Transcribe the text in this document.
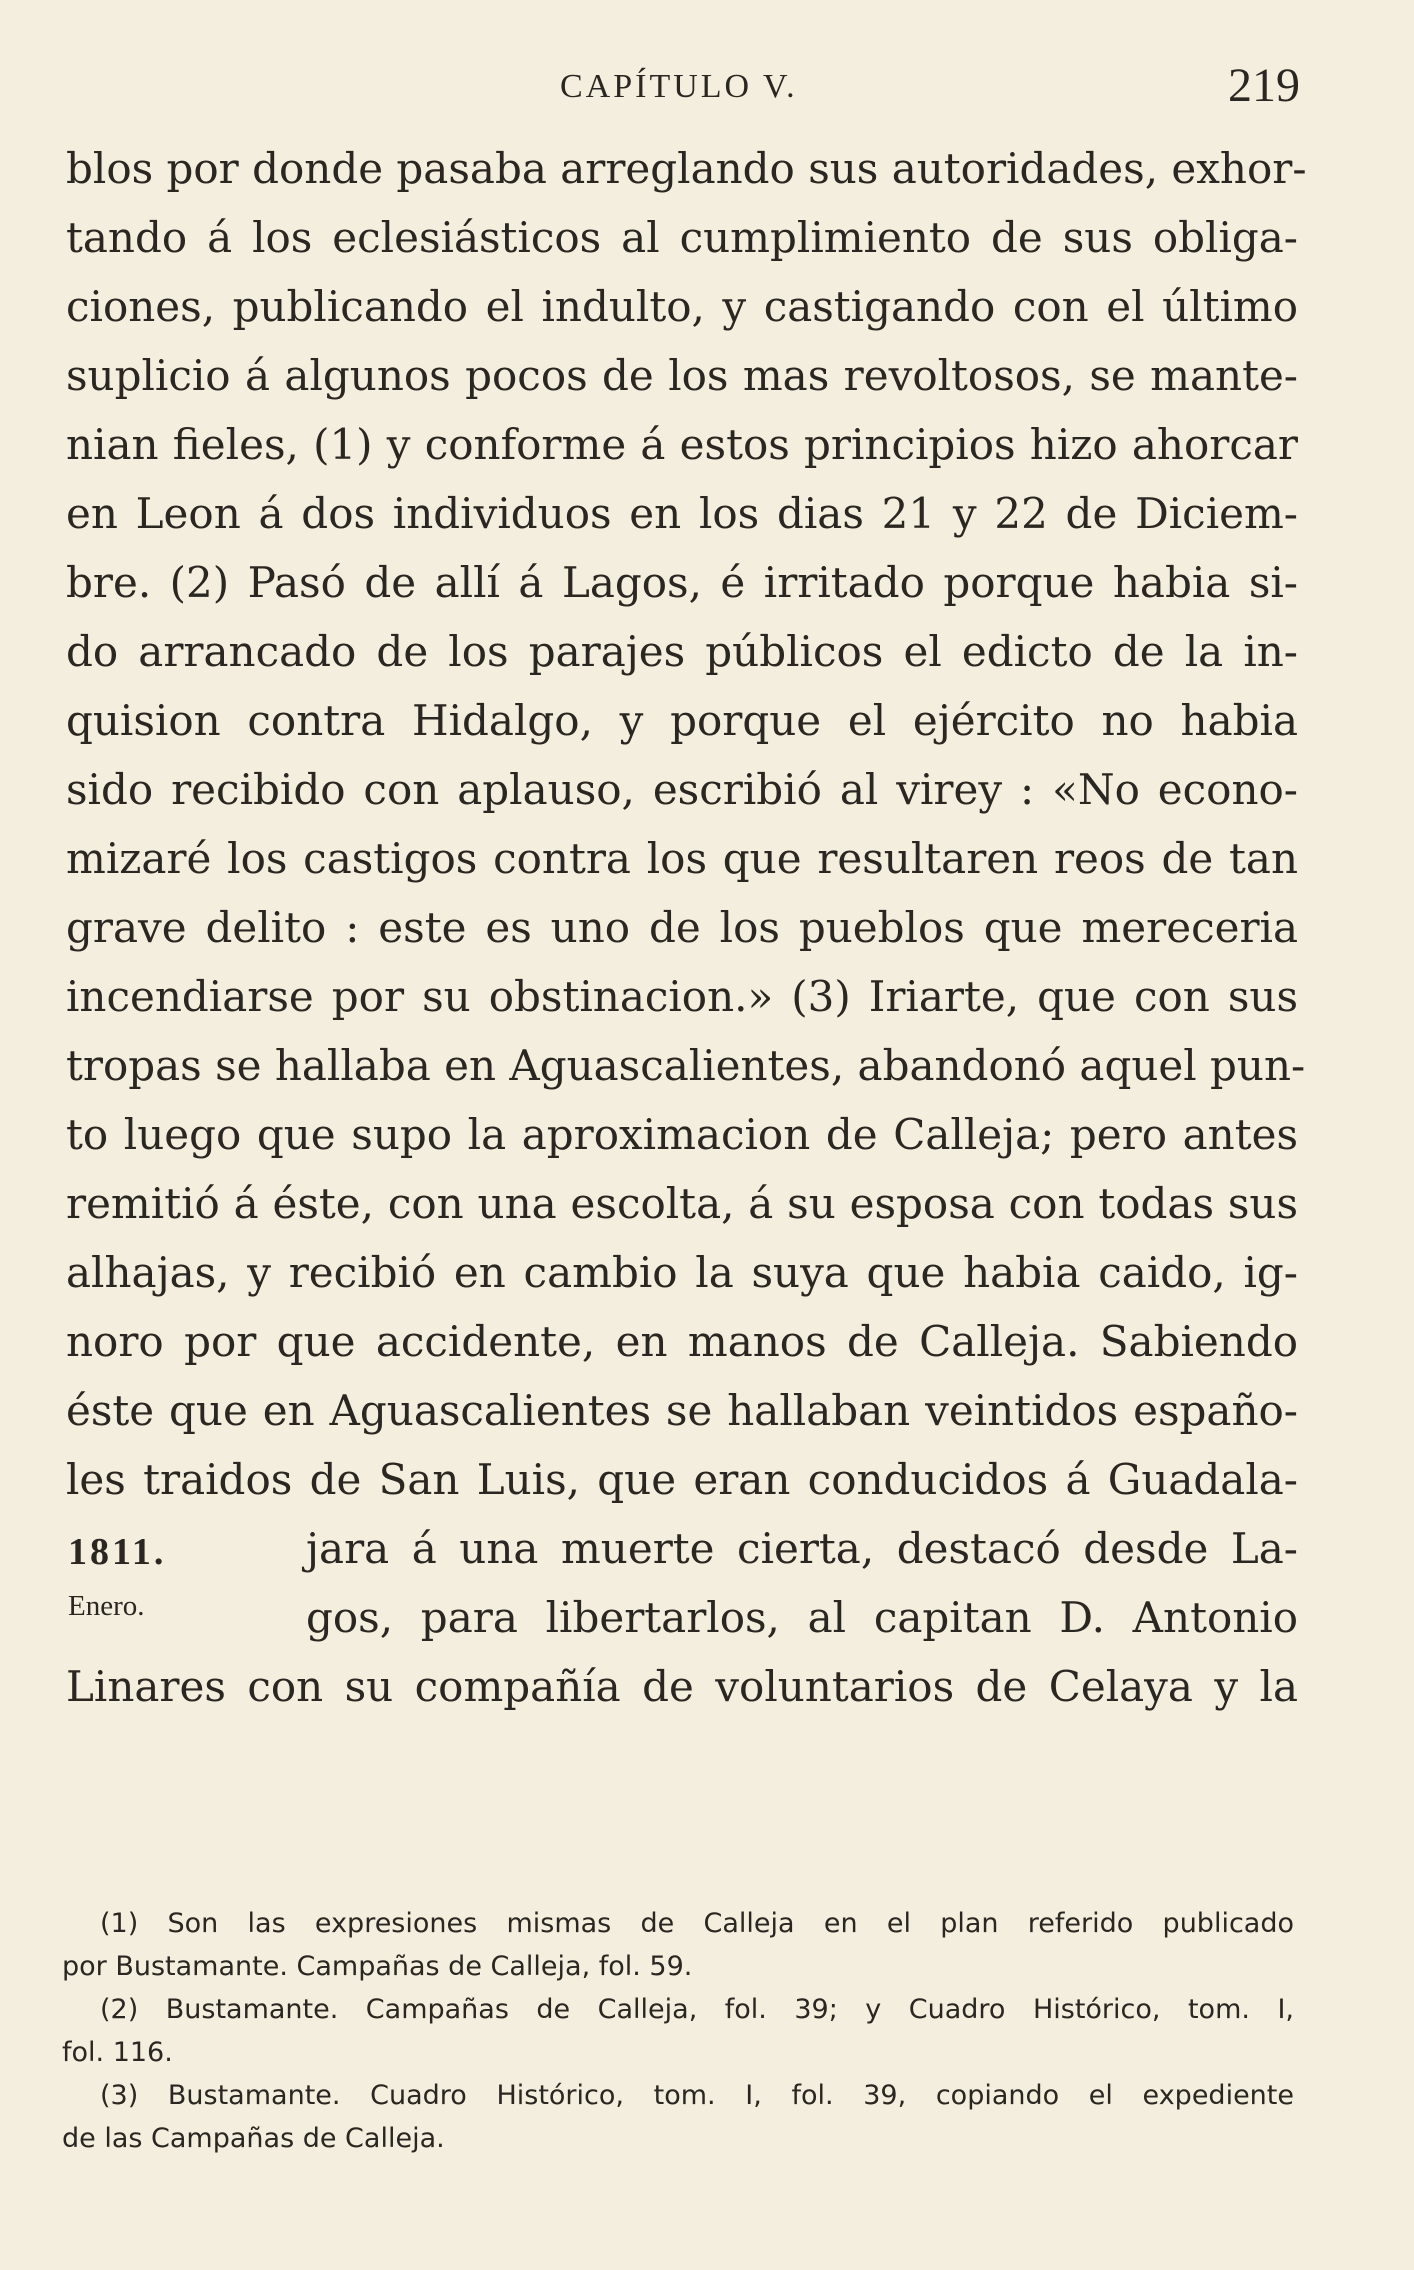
CAPÍTULO V.	219
blos por donde pasaba arreglando sus autoridades, exhor-
tando á los eclesiásticos al cumplimiento de sus obliga-
ciones, publicando el indulto, y castigando con el último
suplicio á algunos pocos de los mas revoltosos, se mante-
nian fieles, (1) y conforme á estos principios hizo ahorcar
en Leon á dos individuos en los dias 21 y 22 de Diciem-
bre. (2) Pasó de allí á Lagos, é irritado porque habia si-
do arrancado de los parajes públicos el edicto de la in-
quision contra Hidalgo, y porque el ejército no habia
sido recibido con aplauso, escribió al virey : «No econo-
mizaré los castigos contra los que resultaren reos de tan
grave delito : este es uno de los pueblos que mereceria
incendiarse por su obstinacion.» (3) Iriarte, que con sus
tropas se hallaba en Aguascalientes, abandonó aquel pun-
to luego que supo la aproximacion de Calleja; pero antes
remitió á éste, con una escolta, á su esposa con todas sus
alhajas, y recibió en cambio la suya que habia caido, ig-
noro por que accidente, en manos de Calleja. Sabiendo
éste que en Aguascalientes se hallaban veintidos españo-
les traidos de San Luis, que eran conducidos á Guadala-
jara á una muerte cierta, destacó desde La-
gos, para libertarlos, al capitan D. Antonio
Linares con su compañía de voluntarios de Celaya y la
1811.
Enero.
(1) Son las expresiones mismas de Calleja en el plan referido publicado
por Bustamante. Campañas de Calleja, fol. 59.
(2) Bustamante. Campañas de Calleja, fol. 39; y Cuadro Histórico, tom. I,
fol. 116.
(3) Bustamante. Cuadro Histórico, tom. I, fol. 39, copiando el expediente
de las Campañas de Calleja.
